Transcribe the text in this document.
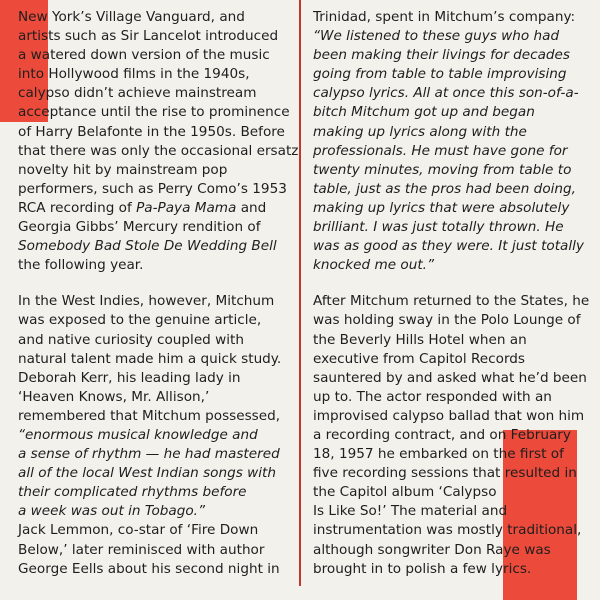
New York’s Village Vanguard, and
artists such as Sir Lancelot introduced
a watered down version of the music
into Hollywood films in the 1940s,
calypso didn’t achieve mainstream
acceptance until the rise to prominence
of Harry Belafonte in the 1950s. Before
that there was only the occasional ersatz
novelty hit by mainstream pop
performers, such as Perry Como’s 1953
RCA recording of Pa-Paya Mama and
Georgia Gibbs’ Mercury rendition of
Somebody Bad Stole De Wedding Bell
the following year.

In the West Indies, however, Mitchum
was exposed to the genuine article,
and native curiosity coupled with
natural talent made him a quick study.
Deborah Kerr, his leading lady in
‘Heaven Knows, Mr. Allison,’
remembered that Mitchum possessed,
“enormous musical knowledge and
a sense of rhythm — he had mastered
all of the local West Indian songs with
their complicated rhythms before
a week was out in Tobago.”
Jack Lemmon, co-star of ‘Fire Down
Below,’ later reminisced with author
George Eells about his second night in

Trinidad, spent in Mitchum’s company:
“We listened to these guys who had
been making their livings for decades
going from table to table improvising
calypso lyrics. All at once this son-of-a-
bitch Mitchum got up and began
making up lyrics along with the
professionals. He must have gone for
twenty minutes, moving from table to
table, just as the pros had been doing,
making up lyrics that were absolutely
brilliant. I was just totally thrown. He
was as good as they were. It just totally
knocked me out.”

After Mitchum returned to the States, he
was holding sway in the Polo Lounge of
the Beverly Hills Hotel when an
executive from Capitol Records
sauntered by and asked what he’d been
up to. The actor responded with an
improvised calypso ballad that won him
a recording contract, and on February
18, 1957 he embarked on the first of
five recording sessions that resulted in
the Capitol album ‘Calypso
Is Like So!’ The material and
instrumentation was mostly traditional,
although songwriter Don Raye was
brought in to polish a few lyrics.
